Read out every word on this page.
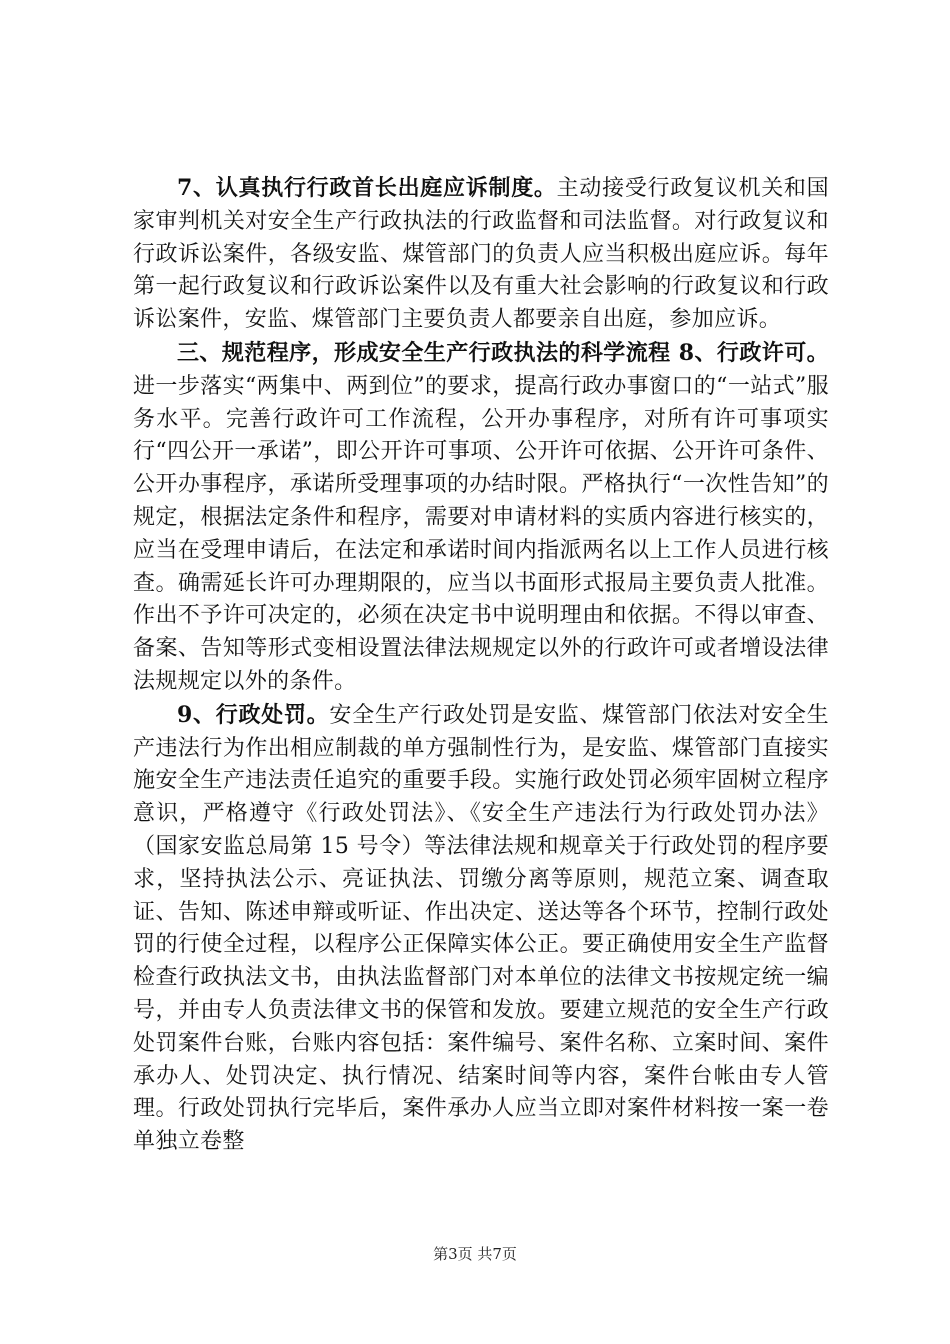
7、认真执行行政首长出庭应诉制度。主动接受行政复议机关和国家审判机关对安全生产行政执法的行政监督和司法监督。对行政复议和行政诉讼案件，各级安监、煤管部门的负责人应当积极出庭应诉。每年第一起行政复议和行政诉讼案件以及有重大社会影响的行政复议和行政诉讼案件，安监、煤管部门主要负责人都要亲自出庭，参加应诉。

三、规范程序，形成安全生产行政执法的科学流程 8、行政许可。进一步落实“两集中、两到位”的要求，提高行政办事窗口的“一站式”服务水平。完善行政许可工作流程，公开办事程序，对所有许可事项实行“四公开一承诺”，即公开许可事项、公开许可依据、公开许可条件、公开办事程序，承诺所受理事项的办结时限。严格执行“一次性告知”的规定，根据法定条件和程序，需要对申请材料的实质内容进行核实的，应当在受理申请后，在法定和承诺时间内指派两名以上工作人员进行核查。确需延长许可办理期限的，应当以书面形式报局主要负责人批准。作出不予许可决定的，必须在决定书中说明理由和依据。不得以审查、备案、告知等形式变相设置法律法规规定以外的行政许可或者增设法律法规规定以外的条件。

9、行政处罚。安全生产行政处罚是安监、煤管部门依法对安全生产违法行为作出相应制裁的单方强制性行为，是安监、煤管部门直接实施安全生产违法责任追究的重要手段。实施行政处罚必须牢固树立程序意识，严格遵守《行政处罚法》、《安全生产违法行为行政处罚办法》（国家安监总局第 15 号令）等法律法规和规章关于行政处罚的程序要求，坚持执法公示、亮证执法、罚缴分离等原则，规范立案、调查取证、告知、陈述申辩或听证、作出决定、送达等各个环节，控制行政处罚的行使全过程，以程序公正保障实体公正。要正确使用安全生产监督检查行政执法文书，由执法监督部门对本单位的法律文书按规定统一编号，并由专人负责法律文书的保管和发放。要建立规范的安全生产行政处罚案件台账，台账内容包括：案件编号、案件名称、立案时间、案件承办人、处罚决定、执行情况、结案时间等内容，案件台帐由专人管理。行政处罚执行完毕后，案件承办人应当立即对案件材料按一案一卷单独立卷整

第3页 共7页
